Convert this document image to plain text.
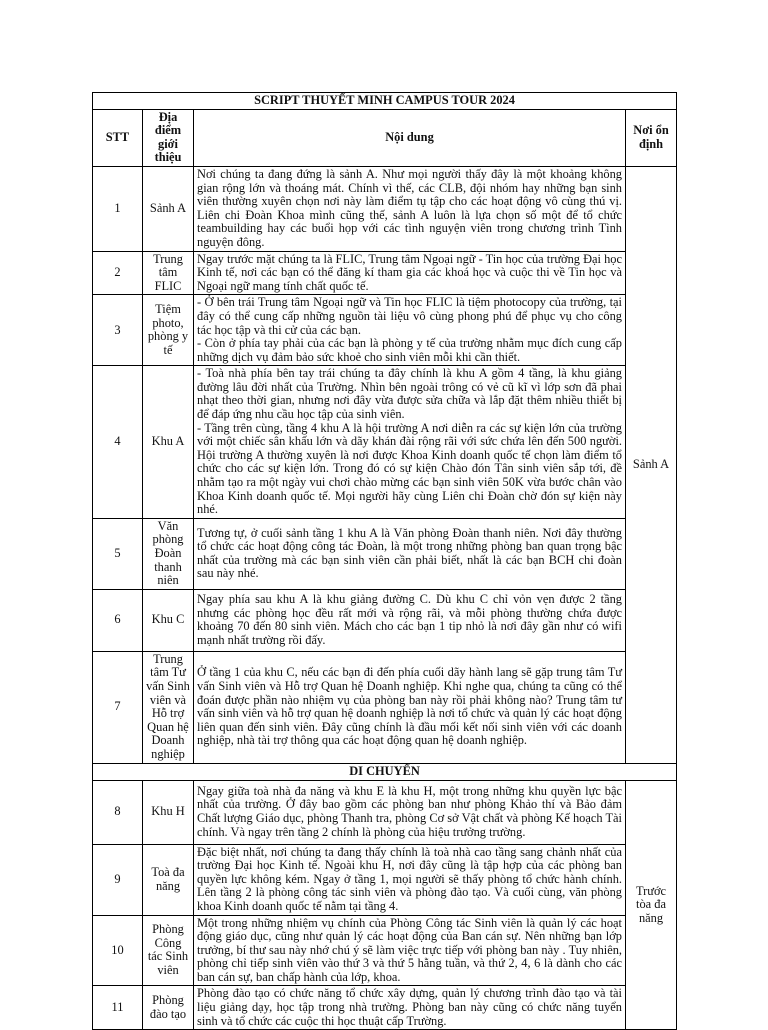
SCRIPT THUYẾT MINH CAMPUS TOUR 2024			
STT	Địa điểm giới thiệu	Nội dung	Nơi ổn định
1	Sảnh A	Nơi chúng ta đang đứng là sảnh A. Như mọi người thấy đây là một khoảng không gian rộng lớn và thoáng mát. Chính vì thế, các CLB, đội nhóm hay những bạn sinh viên thường xuyên chọn nơi này làm điểm tụ tập cho các hoạt động vô cùng thú vị. Liên chi Đoàn Khoa mình cũng thế, sảnh A luôn là lựa chọn số một để tổ chức teambuilding hay các buổi họp với các tình nguyện viên trong chương trình Tình nguyện đông.	Sảnh A
2	Trung tâm FLIC	Ngay trước mặt chúng ta là FLIC, Trung tâm Ngoại ngữ - Tin học của trường Đại học Kinh tế, nơi các bạn có thể đăng kí tham gia các khoá học và cuộc thi về Tin học và Ngoại ngữ mang tính chất quốc tế.	

3	Tiệm photo, phòng y tế	- Ở bên trái Trung tâm Ngoại ngữ và Tin học FLIC là tiệm photocopy của trường, tại đây có thể cung cấp những nguồn tài liệu vô cùng phong phú để phục vụ cho công tác học tập và thi cử của các bạn.
- Còn ở phía tay phải của các bạn là phòng y tế của trường nhằm mục đích cung cấp những dịch vụ đảm bảo sức khoẻ cho sinh viên mỗi khi cần thiết.	

4	Khu A	- Toà nhà phía bên tay trái chúng ta đây chính là khu A gồm 4 tầng, là khu giảng đường lâu đời nhất của Trường. Nhìn bên ngoài trông có vẻ cũ kĩ vì lớp sơn đã phai nhạt theo thời gian, nhưng nơi đây vừa được sửa chữa và lắp đặt thêm nhiều thiết bị để đáp ứng nhu cầu học tập của sinh viên.
- Tầng trên cùng, tầng 4 khu A là hội trường A nơi diễn ra các sự kiện lớn của trường với một chiếc sân khấu lớn và dãy khán đài rộng rãi với sức chứa lên đến 500 người. Hội trường A thường xuyên là nơi được Khoa Kinh doanh quốc tế chọn làm điểm tổ chức cho các sự kiện lớn. Trong đó có sự kiện Chào đón Tân sinh viên sắp tới, đề nhằm tạo ra một ngày vui chơi chào mừng các bạn sinh viên 50K vừa bước chân vào Khoa Kinh doanh quốc tế. Mọi người hãy cùng Liên chi Đoàn chờ đón sự kiện này nhé.	

5	Văn phòng Đoàn thanh niên	Tương tự, ở cuối sảnh tầng 1 khu A là Văn phòng Đoàn thanh niên. Nơi đây thường tổ chức các hoạt động công tác Đoàn, là một trong những phòng ban quan trọng bậc nhất của trường mà các bạn sinh viên cần phải biết, nhất là các bạn BCH chi đoàn sau này nhé.	

6	Khu C	Ngay phía sau khu A là khu giảng đường C. Dù khu C chỉ vỏn vẹn được 2 tầng nhưng các phòng học đều rất mới và rộng rãi, và mỗi phòng thường chứa được khoảng 70 đến 80 sinh viên. Mách cho các bạn 1 tip nhỏ là nơi đây gần như có wifi mạnh nhất trường rồi đấy.	

7	Trung tâm Tư vấn Sinh viên và Hỗ trợ Quan hệ Doanh nghiệp	Ở tầng 1 của khu C, nếu các bạn đi đến phía cuối dãy hành lang sẽ gặp trung tâm Tư vấn Sinh viên và Hỗ trợ Quan hệ Doanh nghiệp. Khi nghe qua, chúng ta cũng có thể đoán được phần nào nhiệm vụ của phòng ban này rồi phải không nào? Trung tâm tư vấn sinh viên và hỗ trợ quan hệ doanh nghiệp là nơi tổ chức và quản lý các hoạt động liên quan đến sinh viên. Đây cũng chính là đầu mối kết nối sinh viên với các doanh nghiệp, nhà tài trợ thông qua các hoạt động quan hệ doanh nghiệp.	

DI CHUYỂN			
8	Khu H	Ngay giữa toà nhà đa năng và khu E là khu H, một trong những khu quyền lực bậc nhất của trường. Ở đây bao gồm các phòng ban như phòng Khảo thí và Bảo đảm Chất lượng Giáo dục, phòng Thanh tra, phòng Cơ sở Vật chất và phòng Kế hoạch Tài chính. Và ngay trên tầng 2 chính là phòng của hiệu trưởng trường.	Trước tòa đa năng
9	Toà đa năng	Đặc biệt nhất, nơi chúng ta đang thấy chính là toà nhà cao tầng sang chảnh nhất của trường Đại học Kinh tế. Ngoài khu H, nơi đây cũng là tập hợp của các phòng ban quyền lực không kém. Ngay ở tầng 1, mọi người sẽ thấy phòng tổ chức hành chính. Lên tầng 2 là phòng công tác sinh viên và phòng đào tạo. Và cuối cùng, văn phòng khoa Kinh doanh quốc tế nằm tại tầng 4.	

10	Phòng Công tác Sinh viên	Một trong những nhiệm vụ chính của Phòng Công tác Sinh viên là quản lý các hoạt động giáo dục, cũng như quản lý các hoạt động của Ban cán sự. Nên những bạn lớp trưởng, bí thư sau này nhớ chú ý sẽ làm việc trực tiếp với phòng ban này . Tuy nhiên, phòng chỉ tiếp sinh viên vào thứ 3 và thứ 5 hằng tuần, và thứ 2, 4, 6 là dành cho các ban cán sự, ban chấp hành của lớp, khoa.	

11	Phòng đào tạo	Phòng đào tạo có chức năng tổ chức xây dựng, quản lý chương trình đào tạo và tài liệu giảng dạy, học tập trong nhà trường. Phòng ban này cũng có chức năng tuyển sinh và tổ chức các cuộc thi học thuật cấp Trường.	
